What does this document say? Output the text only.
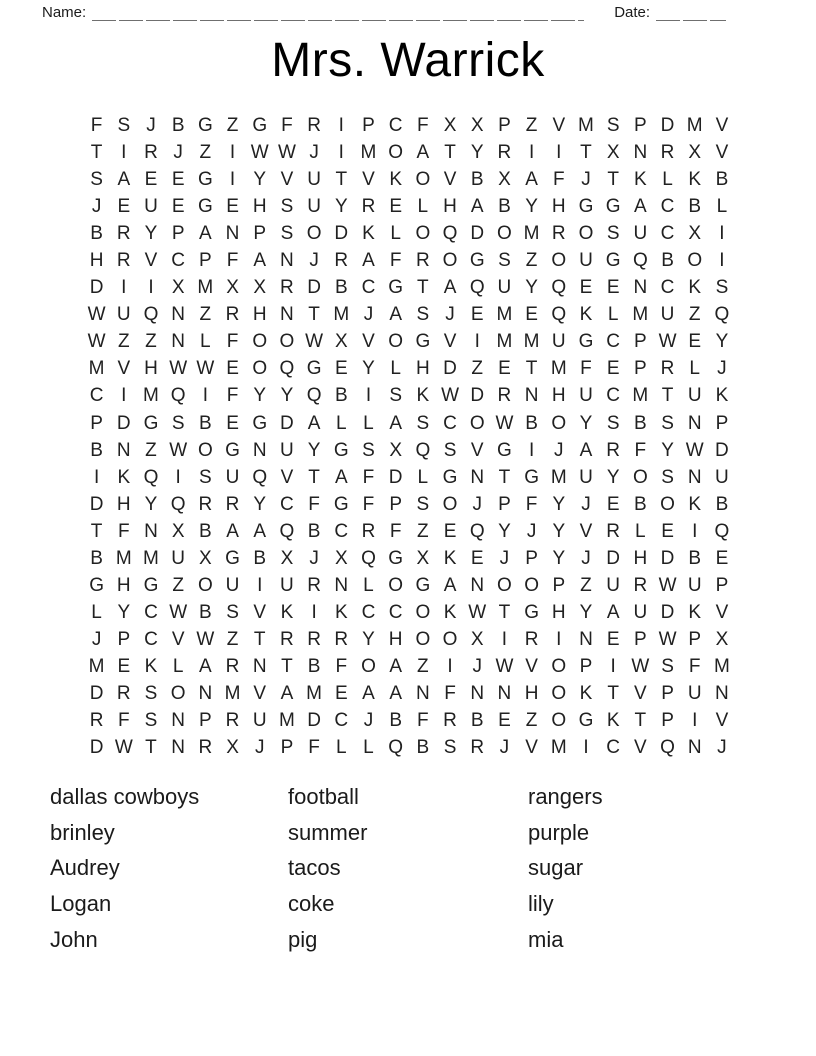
Name:	Date:
Mrs. Warrick
F S J B G Z G F R I P C F X X P Z V M S P D M V
T I R J Z I W W J	I M O A T Y R I	I T X N R X V
S A E E G I Y V U T V K O V B X A F J T K L K B
J E U E G E H S U Y R E L H A B Y H G G A C B L
B R Y P A N P S O D K L O Q D O M R O S U C X I
H R V C P F A N J R A F R O G S Z O U G Q B O I
D I	I X M X X R D B C G T A Q U Y Q E E N C K S
W U Q N Z R H N T M J A S J E M E Q K L M U Z Q
W Z Z N L F O O W X V O G V I M M U G C P W E Y
M V H W W E O Q G E Y L H D Z E T M F E P R L J
C I M Q I F Y Y Q B I S K W D R N H U C M T U K
P D G S B E G D A L L A S C O W B O Y S B S N P
B N Z W O G N U Y G S X Q S V G I	J A R F Y W D
I K Q I S U Q V T A F D L G N T G M U Y O S N U
D H Y Q R R Y C F G F P S O J P F Y J E B O K B
T F N X B A A Q B C R F Z E Q Y J Y V R L E I Q
B M M U X G B X J X Q G X K E J P Y J D H D B E
G H G Z O U I U R N L O G A N O O P Z U R W U P
L Y C W B S V K I K C C O K W T G H Y A U D K V
J P C V W Z T R R R Y H O O X I R I N E P W P X
M E K L A R N T B F O A Z I	J W V O P I W S F M
D R S O N M V A M E A A N F N N H O K T V P U N
R F S N P R U M D C J B F R B E Z O G K T P I V
D W T N R X J P F L L Q B S R J V M I C V Q N J
dallas cowboys
brinley
Audrey
Logan
John
football
summer
tacos
coke
pig
rangers
purple
sugar
lily
mia
